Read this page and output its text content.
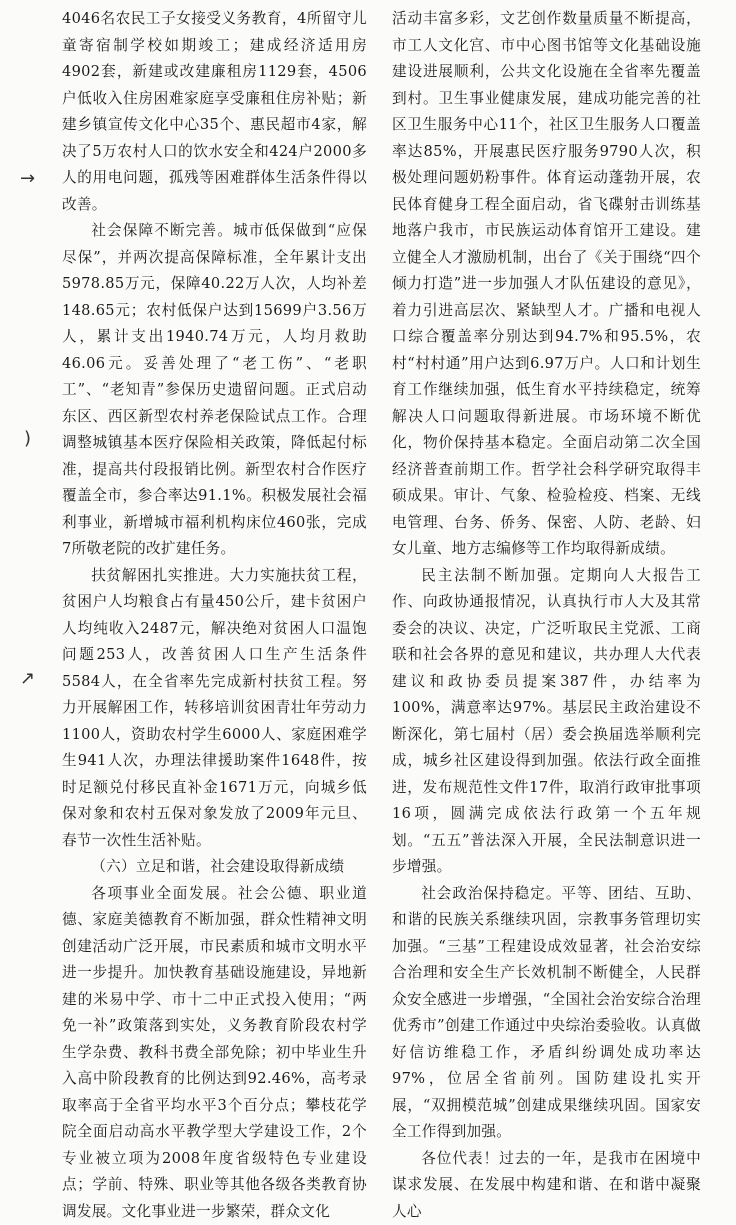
→
)
↗

4046名农民工子女接受义务教育，4所留守儿童寄宿制学校如期竣工；建成经济适用房4902套，新建或改建廉租房1129套，4506户低收入住房困难家庭享受廉租住房补贴；新建乡镇宣传文化中心35个、惠民超市4家，解决了5万农村人口的饮水安全和424户2000多人的用电问题，孤残等困难群体生活条件得以改善。

社会保障不断完善。城市低保做到“应保尽保”，并两次提高保障标准，全年累计支出5978.85万元，保障40.22万人次，人均补差148.65元；农村低保户达到15699户3.56万人，累计支出1940.74万元，人均月救助46.06元。妥善处理了“老工伤”、“老职工”、“老知青”参保历史遗留问题。正式启动东区、西区新型农村养老保险试点工作。合理调整城镇基本医疗保险相关政策，降低起付标准，提高共付段报销比例。新型农村合作医疗覆盖全市，参合率达91.1%。积极发展社会福利事业，新增城市福利机构床位460张，完成7所敬老院的改扩建任务。

扶贫解困扎实推进。大力实施扶贫工程，贫困户人均粮食占有量450公斤，建卡贫困户人均纯收入2487元，解决绝对贫困人口温饱问题253人，改善贫困人口生产生活条件5584人，在全省率先完成新村扶贫工程。努力开展解困工作，转移培训贫困青壮年劳动力1100人，资助农村学生6000人、家庭困难学生941人次，办理法律援助案件1648件，按时足额兑付移民直补金1671万元，向城乡低保对象和农村五保对象发放了2009年元旦、春节一次性生活补贴。

（六）立足和谐，社会建设取得新成绩

各项事业全面发展。社会公德、职业道德、家庭美德教育不断加强，群众性精神文明创建活动广泛开展，市民素质和城市文明水平进一步提升。加快教育基础设施建设，异地新建的米易中学、市十二中正式投入使用；“两免一补”政策落到实处，义务教育阶段农村学生学杂费、教科书费全部免除；初中毕业生升入高中阶段教育的比例达到92.46%，高考录取率高于全省平均水平3个百分点；攀枝花学院全面启动高水平教学型大学建设工作，2个专业被立项为2008年度省级特色专业建设点；学前、特殊、职业等其他各级各类教育协调发展。文化事业进一步繁荣，群众文化

活动丰富多彩，文艺创作数量质量不断提高，市工人文化宫、市中心图书馆等文化基础设施建设进展顺利，公共文化设施在全省率先覆盖到村。卫生事业健康发展，建成功能完善的社区卫生服务中心11个，社区卫生服务人口覆盖率达85%，开展惠民医疗服务9790人次，积极处理问题奶粉事件。体育运动蓬勃开展，农民体育健身工程全面启动，省飞碟射击训练基地落户我市，市民族运动体育馆开工建设。建立健全人才激励机制，出台了《关于围绕“四个倾力打造”进一步加强人才队伍建设的意见》，着力引进高层次、紧缺型人才。广播和电视人口综合覆盖率分别达到94.7%和95.5%，农村“村村通”用户达到6.97万户。人口和计划生育工作继续加强，低生育水平持续稳定，统筹解决人口问题取得新进展。市场环境不断优化，物价保持基本稳定。全面启动第二次全国经济普查前期工作。哲学社会科学研究取得丰硕成果。审计、气象、检验检疫、档案、无线电管理、台务、侨务、保密、人防、老龄、妇女儿童、地方志编修等工作均取得新成绩。

民主法制不断加强。定期向人大报告工作、向政协通报情况，认真执行市人大及其常委会的决议、决定，广泛听取民主党派、工商联和社会各界的意见和建议，共办理人大代表建议和政协委员提案387件，办结率为100%，满意率达97%。基层民主政治建设不断深化，第七届村（居）委会换届选举顺利完成，城乡社区建设得到加强。依法行政全面推进，发布规范性文件17件，取消行政审批事项16项，圆满完成依法行政第一个五年规划。“五五”普法深入开展，全民法制意识进一步增强。

社会政治保持稳定。平等、团结、互助、和谐的民族关系继续巩固，宗教事务管理切实加强。“三基”工程建设成效显著，社会治安综合治理和安全生产长效机制不断健全，人民群众安全感进一步增强，“全国社会治安综合治理优秀市”创建工作通过中央综治委验收。认真做好信访维稳工作，矛盾纠纷调处成功率达97%，位居全省前列。国防建设扎实开展，“双拥模范城”创建成果继续巩固。国家安全工作得到加强。

各位代表！过去的一年，是我市在困境中谋求发展、在发展中构建和谐、在和谐中凝聚人心
